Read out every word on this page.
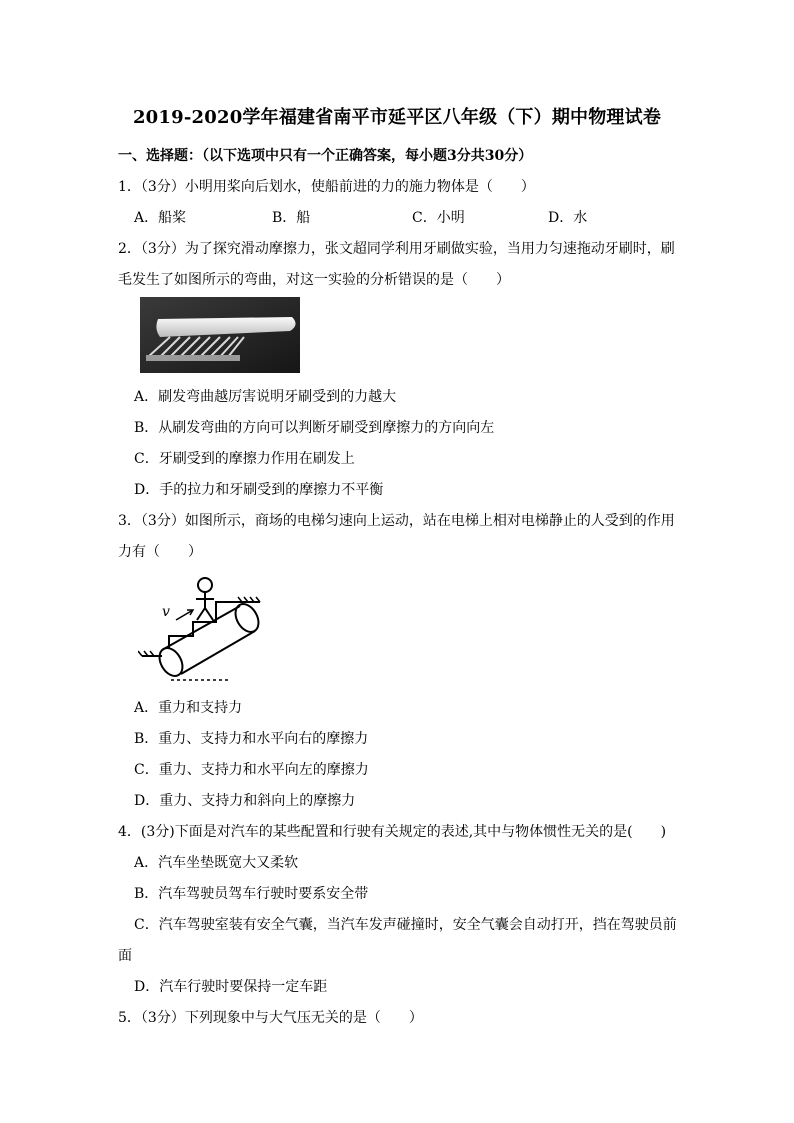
2019-2020学年福建省南平市延平区八年级（下）期中物理试卷
一、选择题：（以下选项中只有一个正确答案，每小题3分共30分）
1．（3分）小明用桨向后划水，使船前进的力的施力物体是（　　）
A．船桨	B．船	C．小明	D．水
2．（3分）为了探究滑动摩擦力，张文超同学利用牙刷做实验，当用力匀速拖动牙刷时，刷
毛发生了如图所示的弯曲，对这一实验的分析错误的是（　　）
A．刷发弯曲越厉害说明牙刷受到的力越大
B．从刷发弯曲的方向可以判断牙刷受到摩擦力的方向向左
C．牙刷受到的摩擦力作用在刷发上
D．手的拉力和牙刷受到的摩擦力不平衡
3．（3分）如图所示，商场的电梯匀速向上运动，站在电梯上相对电梯静止的人受到的作用
力有（　　）
v
A．重力和支持力
B．重力、支持力和水平向右的摩擦力
C．重力、支持力和水平向左的摩擦力
D．重力、支持力和斜向上的摩擦力
4．(3分)下面是对汽车的某些配置和行驶有关规定的表述,其中与物体惯性无关的是(　　)
A．汽车坐垫既宽大又柔软
B．汽车驾驶员驾车行驶时要系安全带
C．汽车驾驶室装有安全气囊，当汽车发声碰撞时，安全气囊会自动打开，挡在驾驶员前
面
D．汽车行驶时要保持一定车距
5．（3分）下列现象中与大气压无关的是（　　）
